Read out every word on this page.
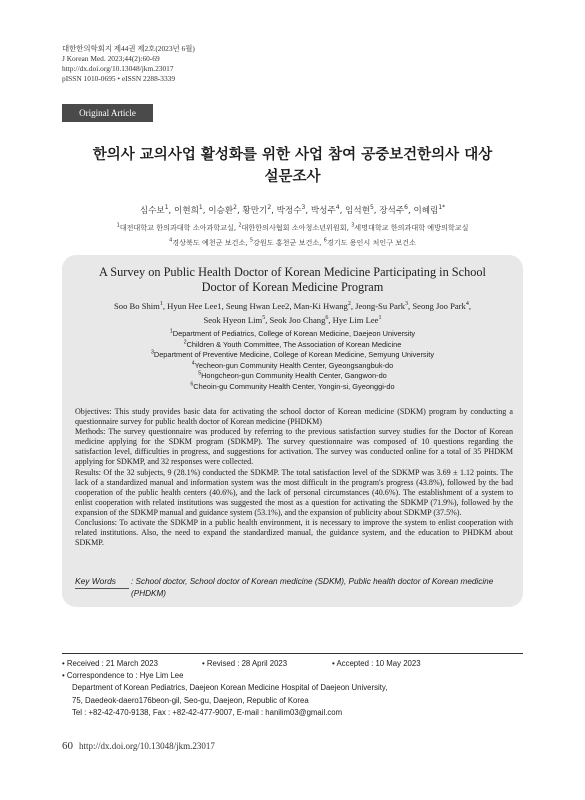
대한한의학회지 제44권 제2호(2023년 6월)
J Korean Med. 2023;44(2):60-69
http://dx.doi.org/10.13048/jkm.23017
pISSN 1010-0695 • eISSN 2288-3339
Original Article
한의사 교의사업 활성화를 위한 사업 참여 공중보건한의사 대상
설문조사
심수보$^1$, 이현희$^1$, 이승환$^2$, 황만기$^2$, 박정수$^3$, 박성주$^4$, 임석현$^5$, 장석주$^6$, 이혜림$^{1*}$
$^1$대전대학교 한의과대학 소아과학교실, $^2$대한한의사협회 소아청소년위원회, $^3$세명대학교 한의과대학 예방의학교실
$^4$경상북도 예천군 보건소, $^5$강원도 홍천군 보건소, $^6$경기도 용인시 처인구 보건소
A Survey on Public Health Doctor of Korean Medicine Participating in School
Doctor of Korean Medicine Program
Soo Bo Shim$^1$, Hyun Hee Lee1, Seung Hwan Lee2, Man-Ki Hwang$^2$, Jeong-Su Park$^3$, Seong Joo Park$^4$,
Seok Hyeon Lim$^5$, Seok Joo Chang$^6$, Hye Lim Lee$^1$
$^1$Department of Pediatrics, College of Korean Medicine, Daejeon University
$^2$Children & Youth Committee, The Association of Korean Medicine
$^3$Department of Preventive Medicine, College of Korean Medicine, Semyung University
$^4$Yecheon-gun Community Health Center, Gyeongsangbuk-do
$^5$Hongcheon-gun Community Health Center, Gangwon-do
$^6$Cheoin-gu Community Health Center, Yongin-si, Gyeonggi-do
Objectives: This study provides basic data for activating the school doctor of Korean medicine (SDKM) program by conducting a questionnaire survey for public health doctor of Korean medicine (PHDKM)
Methods: The survey questionnaire was produced by referring to the previous satisfaction survey studies for the Doctor of Korean medicine applying for the SDKM program (SDKMP). The survey questionnaire was composed of 10 questions regarding the satisfaction level, difficulties in progress, and suggestions for activation. The survey was conducted online for a total of 35 PHDKM applying for SDKMP, and 32 responses were collected.
Results: Of the 32 subjects, 9 (28.1%) conducted the SDKMP. The total satisfaction level of the SDKMP was 3.69 ± 1.12 points. The lack of a standardized manual and information system was the most difficult in the program's progress (43.8%), followed by the bad cooperation of the public health centers (40.6%), and the lack of personal circumstances (40.6%). The establishment of a system to enlist cooperation with related institutions was suggested the most as a question for activating the SDKMP (71.9%), followed by the expansion of the SDKMP manual and guidance system (53.1%), and the expansion of publicity about SDKMP (37.5%).
Conclusions: To activate the SDKMP in a public health environment, it is necessary to improve the system to enlist cooperation with related institutions. Also, the need to expand the standardized manual, the guidance system, and the education to PHDKM about SDKMP.
Key Words	: School doctor, School doctor of Korean medicine (SDKM), Public health doctor of Korean medicine (PHDKM)
• Received : 21 March 2023	• Revised : 28 April 2023	• Accepted : 10 May 2023
• Correspondence to : Hye Lim Lee
Department of Korean Pediatrics, Daejeon Korean Medicine Hospital of Daejeon University,
75, Daedeok-daero176beon-gil, Seo-gu, Daejeon, Republic of Korea
Tel : +82-42-470-9138, Fax : +82-42-477-9007, E-mail : hanilim03@gmail.com
60 http://dx.doi.org/10.13048/jkm.23017
